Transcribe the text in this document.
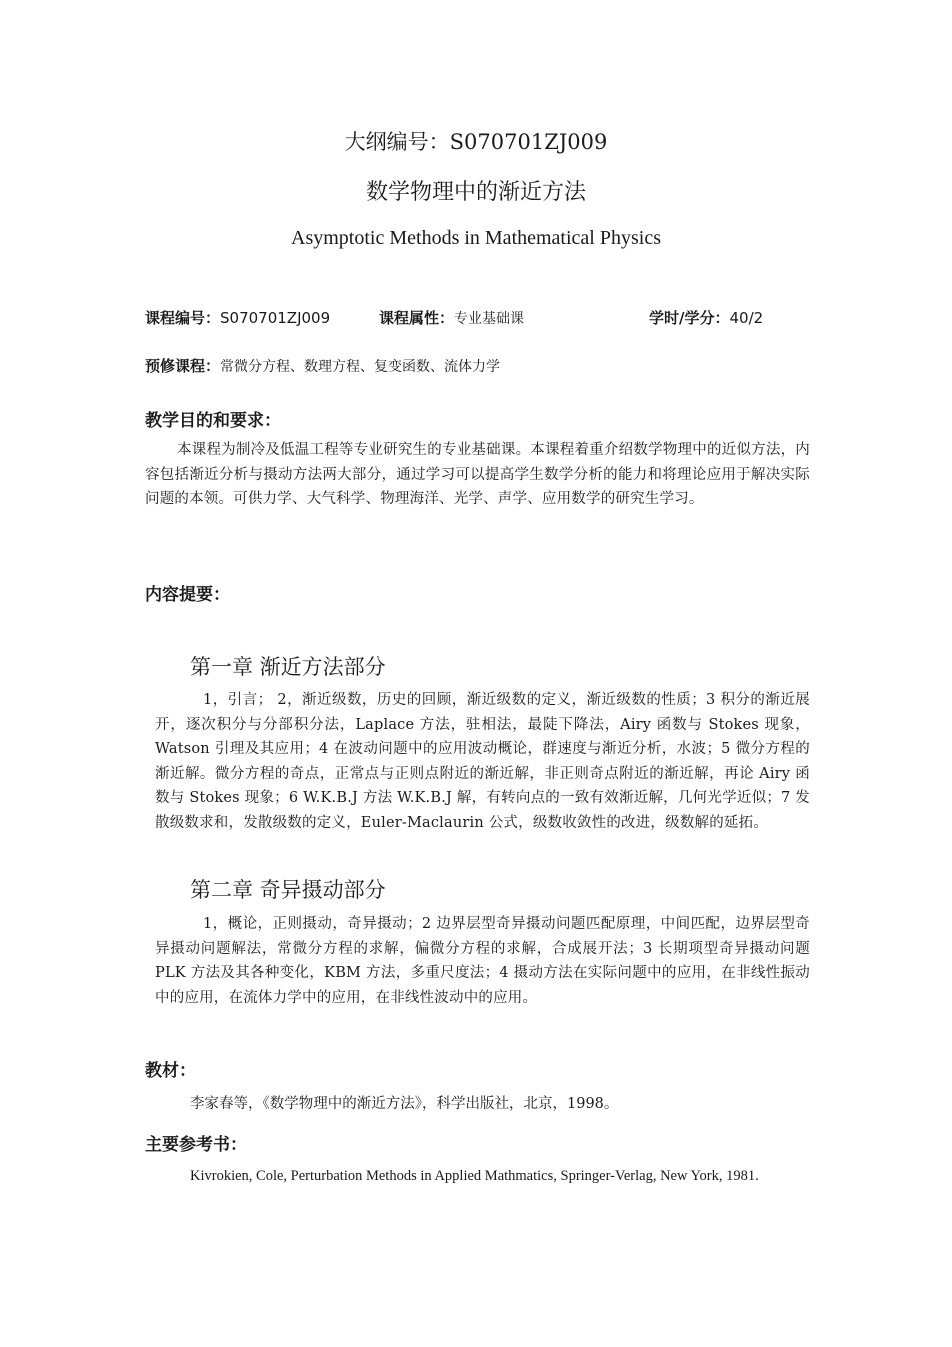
大纲编号：S070701ZJ009
数学物理中的渐近方法
Asymptotic Methods in Mathematical Physics
课程编号：S070701ZJ009	课程属性：专业基础课	学时/学分：40/2
预修课程：常微分方程、数理方程、复变函数、流体力学
教学目的和要求：
本课程为制冷及低温工程等专业研究生的专业基础课。本课程着重介绍数学物理中的近似方法，内容包括渐近分析与摄动方法两大部分，通过学习可以提高学生数学分析的能力和将理论应用于解决实际问题的本领。可供力学、大气科学、物理海洋、光学、声学、应用数学的研究生学习。
内容提要：
第一章 渐近方法部分
1，引言； 2，渐近级数，历史的回顾，渐近级数的定义，渐近级数的性质；3 积分的渐近展开，逐次积分与分部积分法，Laplace 方法，驻相法，最陡下降法，Airy 函数与 Stokes 现象，Watson 引理及其应用；4 在波动问题中的应用波动概论，群速度与渐近分析，水波；5 微分方程的渐近解。微分方程的奇点，正常点与正则点附近的渐近解，非正则奇点附近的渐近解，再论 Airy 函数与 Stokes 现象；6 W.K.B.J 方法 W.K.B.J 解，有转向点的一致有效渐近解，几何光学近似；7 发散级数求和，发散级数的定义，Euler-Maclaurin 公式，级数收敛性的改进，级数解的延拓。
第二章 奇异摄动部分
1，概论，正则摄动，奇异摄动；2 边界层型奇异摄动问题匹配原理，中间匹配，边界层型奇异摄动问题解法，常微分方程的求解，偏微分方程的求解，合成展开法；3 长期项型奇异摄动问题 PLK 方法及其各种变化，KBM 方法，多重尺度法；4 摄动方法在实际问题中的应用，在非线性振动中的应用，在流体力学中的应用，在非线性波动中的应用。
教材：
李家春等，《数学物理中的渐近方法》，科学出版社，北京，1998。
主要参考书：
Kivrokien, Cole, Perturbation Methods in Applied Mathmatics, Springer-Verlag, New York, 1981.
